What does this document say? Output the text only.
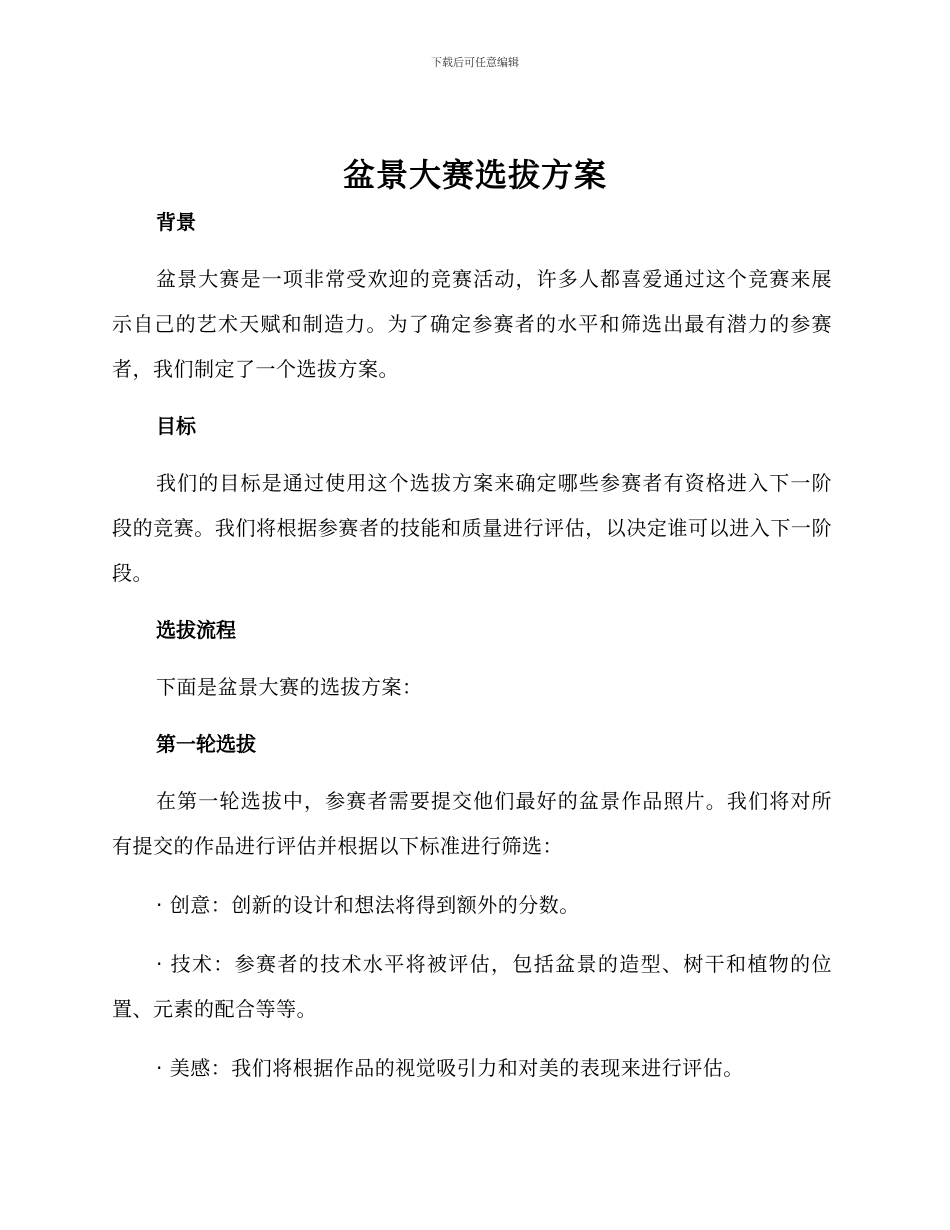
下载后可任意编辑
盆景大赛选拔方案
背景

盆景大赛是一项非常受欢迎的竞赛活动，许多人都喜爱通过这个竞赛来展示自己的艺术天赋和制造力。为了确定参赛者的水平和筛选出最有潜力的参赛者，我们制定了一个选拔方案。

目标

我们的目标是通过使用这个选拔方案来确定哪些参赛者有资格进入下一阶段的竞赛。我们将根据参赛者的技能和质量进行评估，以决定谁可以进入下一阶段。

选拔流程

下面是盆景大赛的选拔方案：

第一轮选拔

在第一轮选拔中，参赛者需要提交他们最好的盆景作品照片。我们将对所有提交的作品进行评估并根据以下标准进行筛选：

· 创意：创新的设计和想法将得到额外的分数。

· 技术：参赛者的技术水平将被评估，包括盆景的造型、树干和植物的位置、元素的配合等等。

· 美感：我们将根据作品的视觉吸引力和对美的表现来进行评估。
